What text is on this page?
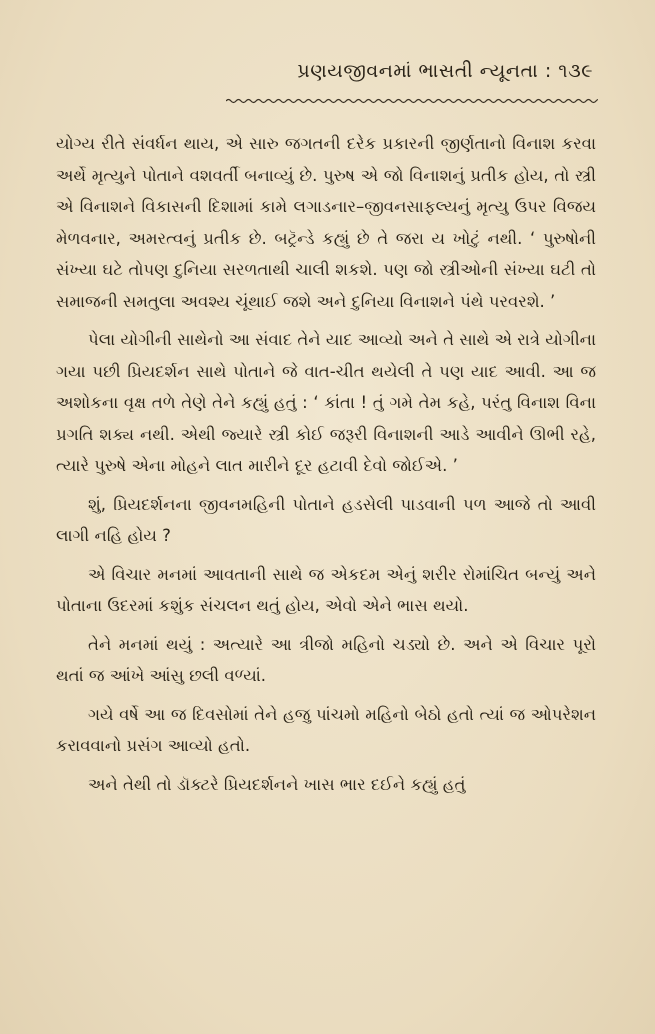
પ્રણયજીવનમાં ભાસતી ન્યૂનતા : ૧૩૯

યોગ્ય રીતે સંવર્ધન થાય, એ સારુ જગતની દરેક પ્રકારની જીર્ણતાનો વિનાશ કરવા અર્થે મૃત્યુને પોતાને વશવર્તી બનાવ્યું છે. પુરુષ એ જો વિનાશનું પ્રતીક હોય, તો સ્ત્રી એ વિનાશને વિકાસની દિશામાં કામે લગાડનાર–જીવનસાફલ્યનું મૃત્યુ ઉપર વિજય મેળવનાર, અમરત્વનું પ્રતીક છે. બટ્રૅન્ડે કહ્યું છે તે જરા ય ખોટું નથી. ‘ પુરુષોની સંખ્યા ઘટે તોપણ દુનિયા સરળતાથી ચાલી શકશે. પણ જો સ્ત્રીઓની સંખ્યા ઘટી તો સમાજની સમતુલા અવશ્ય ચૂંથાઈ જશે અને દુનિયા વિનાશને પંથે પરવરશે. ’

પેલા યોગીની સાથેનો આ સંવાદ તેને યાદ આવ્યો અને તે સાથે એ રાત્રે યોગીના ગયા પછી પ્રિયદર્શન સાથે પોતાને જે વાત-ચીત થયેલી તે પણ યાદ આવી. આ જ અશોકના વૃક્ષ તળે તેણે તેને કહ્યું હતું : ‘ કાંતા ! તું ગમે તેમ કહે, પરંતુ વિનાશ વિના પ્રગતિ શક્ય નથી. એથી જ્યારે સ્ત્રી કોઈ જરૂરી વિનાશની આડે આવીને ઊભી રહે, ત્યારે પુરુષે એના મોહને લાત મારીને દૂર હટાવી દેવો જોઈએ. ’

શું, પ્રિયદર્શનના જીવનમહિની પોતાને હડસેલી પાડવાની પળ આજે તો આવી લાગી નહિ હોય ?

એ વિચાર મનમાં આવતાની સાથે જ એકદમ એનું શરીર રોમાંચિત બન્યું અને પોતાના ઉદરમાં કશુંક સંચલન થતું હોય, એવો એને ભાસ થયો.

તેને મનમાં થયું : અત્યારે આ ત્રીજો મહિનો ચડ્યો છે. અને એ વિચાર પૂરો થતાં જ આંખે આંસુ છલી વળ્યાં.

ગયે વર્ષે આ જ દિવસોમાં તેને હજુ પાંચમો મહિનો બેઠો હતો ત્યાં જ ઓપરેશન કરાવવાનો પ્રસંગ આવ્યો હતો.

અને તેથી તો ડૉક્ટરે પ્રિયદર્શનને ખાસ ભાર દઈને કહ્યું હતું
